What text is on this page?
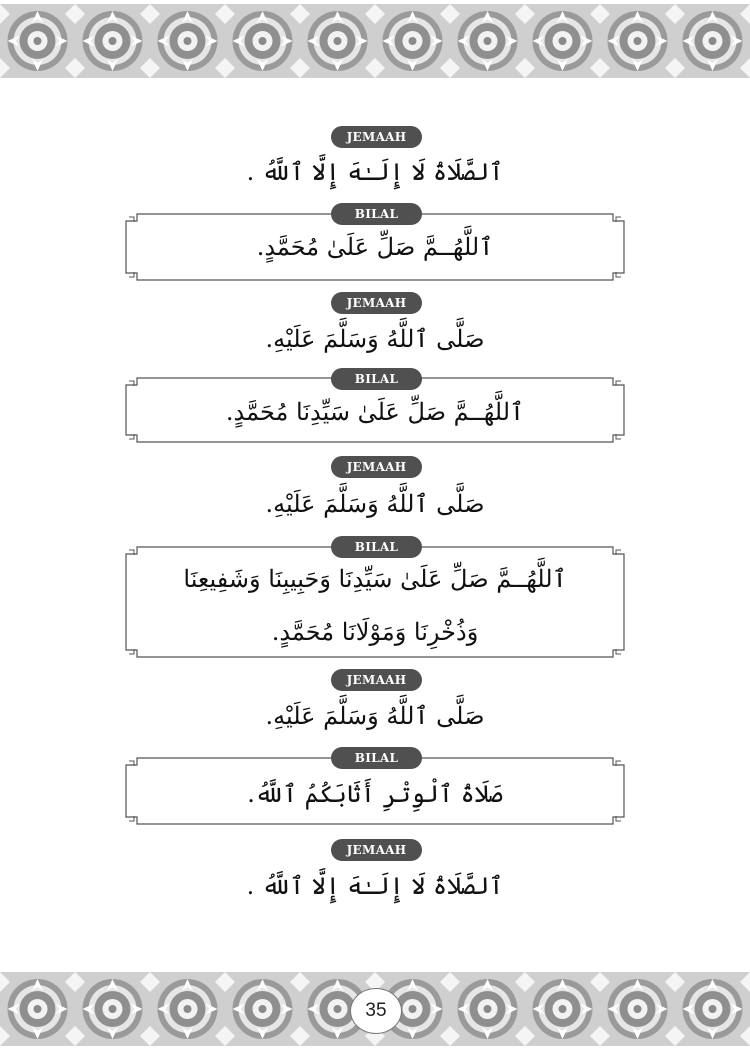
35
JEMAAH
ٱلصَّلَاةُ لَا إِلَـٰهَ إِلَّا ٱللَّهُ .
BILAL
ٱللَّهُــمَّ صَلِّ عَلَىٰ مُحَمَّدٍ.
JEMAAH
صَلَّى ٱللَّهُ وَسَلَّمَ عَلَيْهِ.
BILAL
ٱللَّهُــمَّ صَلِّ عَلَىٰ سَيِّدِنَا مُحَمَّدٍ.
JEMAAH
صَلَّى ٱللَّهُ وَسَلَّمَ عَلَيْهِ.
BILAL
ٱللَّهُــمَّ صَلِّ عَلَىٰ سَيِّدِنَا وَحَبِيبِنَا وَشَفِيعِنَا
وَذُخْرِنَا وَمَوْلَانَا مُحَمَّدٍ.
JEMAAH
صَلَّى ٱللَّهُ وَسَلَّمَ عَلَيْهِ.
BILAL
صَلَاةُ ٱلْوِتْرِ أَثَابَكُمُ ٱللَّهُ.
JEMAAH
ٱلصَّلَاةُ لَا إِلَـٰهَ إِلَّا ٱللَّهُ .
